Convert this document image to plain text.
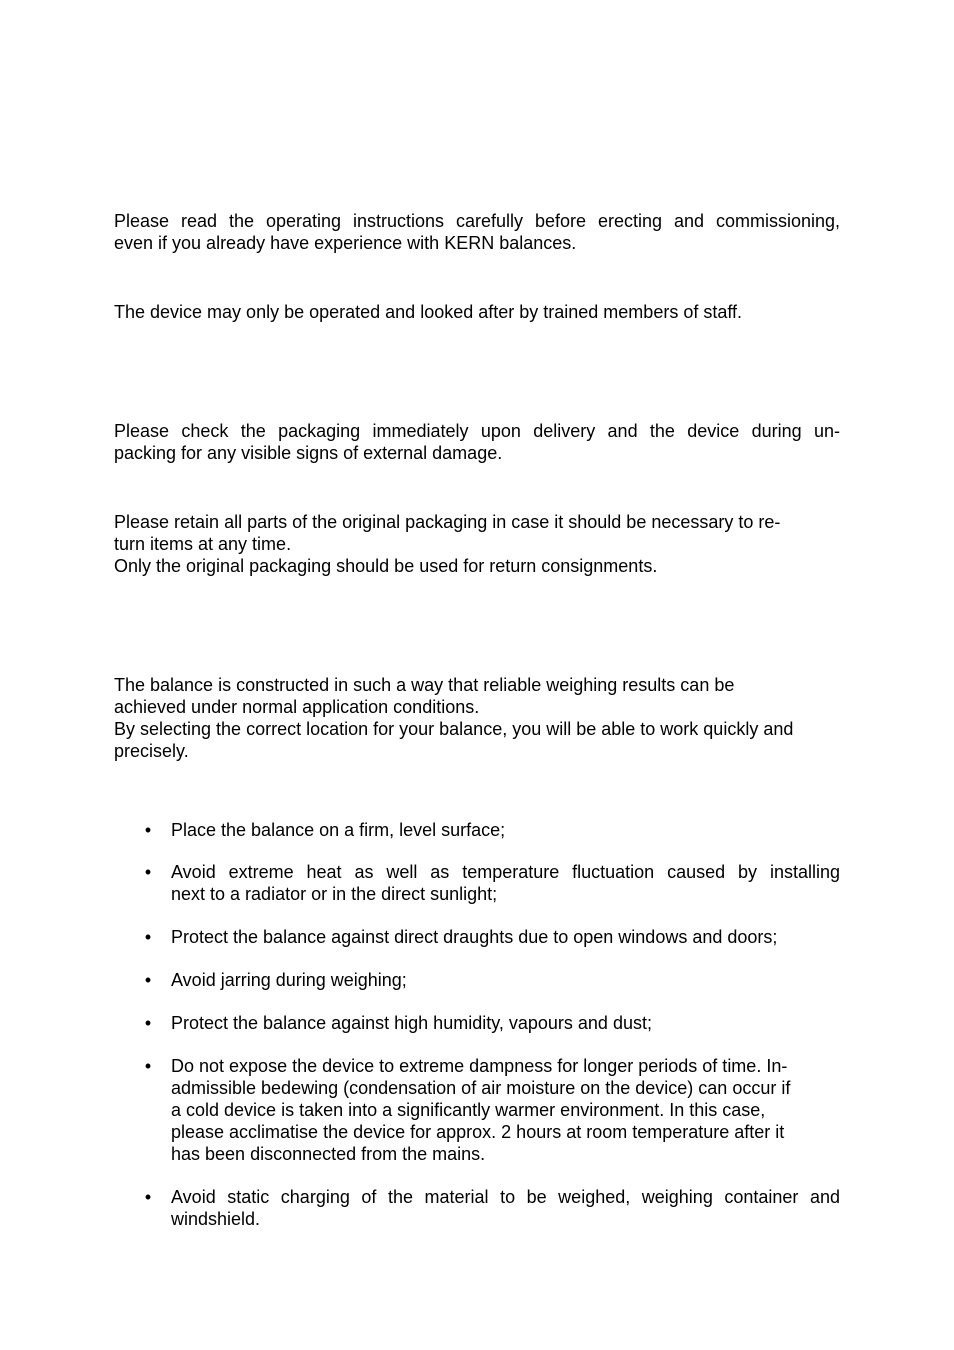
Please read the operating instructions carefully before erecting and commissioning,
even if you already have experience with KERN balances.

The device may only be operated and looked after by trained members of staff.

Please check the packaging immediately upon delivery and the device during un-
packing for any visible signs of external damage.

Please retain all parts of the original packaging in case it should be necessary to re-
turn items at any time.
Only the original packaging should be used for return consignments.

The balance is constructed in such a way that reliable weighing results can be
achieved under normal application conditions.
By selecting the correct location for your balance, you will be able to work quickly and
precisely.

• Place the balance on a firm, level surface;
• Avoid extreme heat as well as temperature fluctuation caused by installing
next to a radiator or in the direct sunlight;
• Protect the balance against direct draughts due to open windows and doors;
• Avoid jarring during weighing;
• Protect the balance against high humidity, vapours and dust;
• Do not expose the device to extreme dampness for longer periods of time. In-
admissible bedewing (condensation of air moisture on the device) can occur if
a cold device is taken into a significantly warmer environment. In this case,
please acclimatise the device for approx. 2 hours at room temperature after it
has been disconnected from the mains.
• Avoid static charging of the material to be weighed, weighing container and
windshield.
